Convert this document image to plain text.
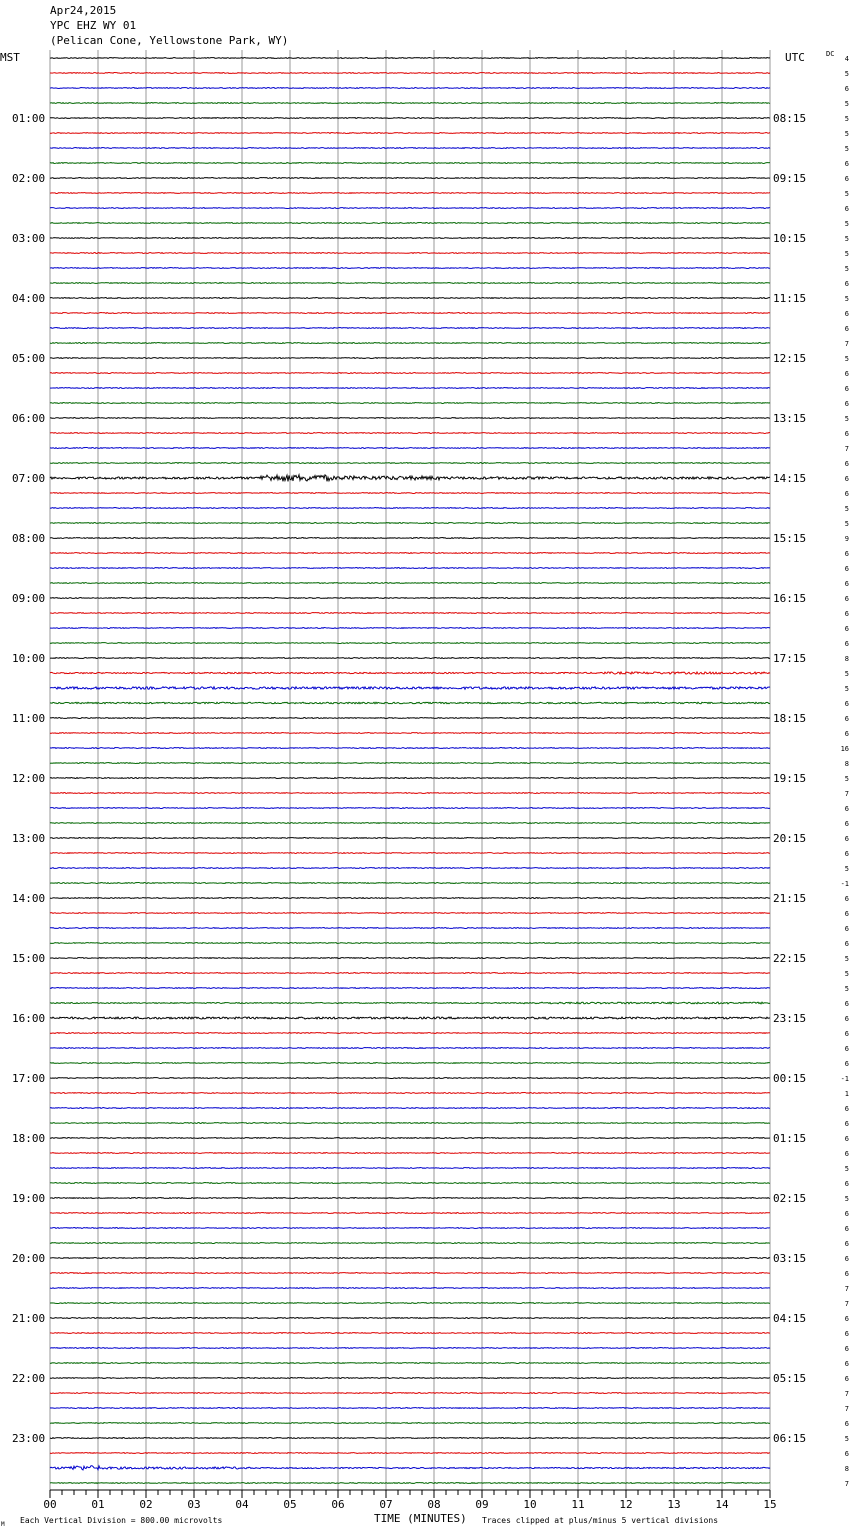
Apr24,2015
YPC EHZ WY 01
(Pelican Cone, Yellowstone Park, WY)
01:00
02:00
03:00
04:00
05:00
06:00
07:00
08:00
09:00
10:00
11:00
12:00
13:00
14:00
15:00
16:00
17:00
18:00
19:00
20:00
21:00
22:00
23:00
08:15
09:15
10:15
11:15
12:15
13:15
14:15
15:15
16:15
17:15
18:15
19:15
20:15
21:15
22:15
23:15
00:15
01:15
02:15
03:15
04:15
05:15
06:15
4
5
6
5
5
5
5
6
6
5
6
5
5
5
5
6
5
6
6
7
5
6
6
6
5
6
7
6
6
6
5
5
9
6
6
6
6
6
6
6
8
5
5
6
6
6
16
8
5
7
6
6
6
6
5
-1
6
6
6
6
5
5
5
6
6
6
6
6
-1
1
6
6
6
6
5
6
5
6
6
6
6
6
7
7
6
6
6
6
6
7
7
6
5
6
8
7
00	01	02	03	04	05	06	07	08	09	10	11	12	13	14	15
MST	UTC	DC
TIME (MINUTES)
Each Vertical Division = 800.00 microvolts	Traces clipped at plus/minus 5 vertical divisions
M
